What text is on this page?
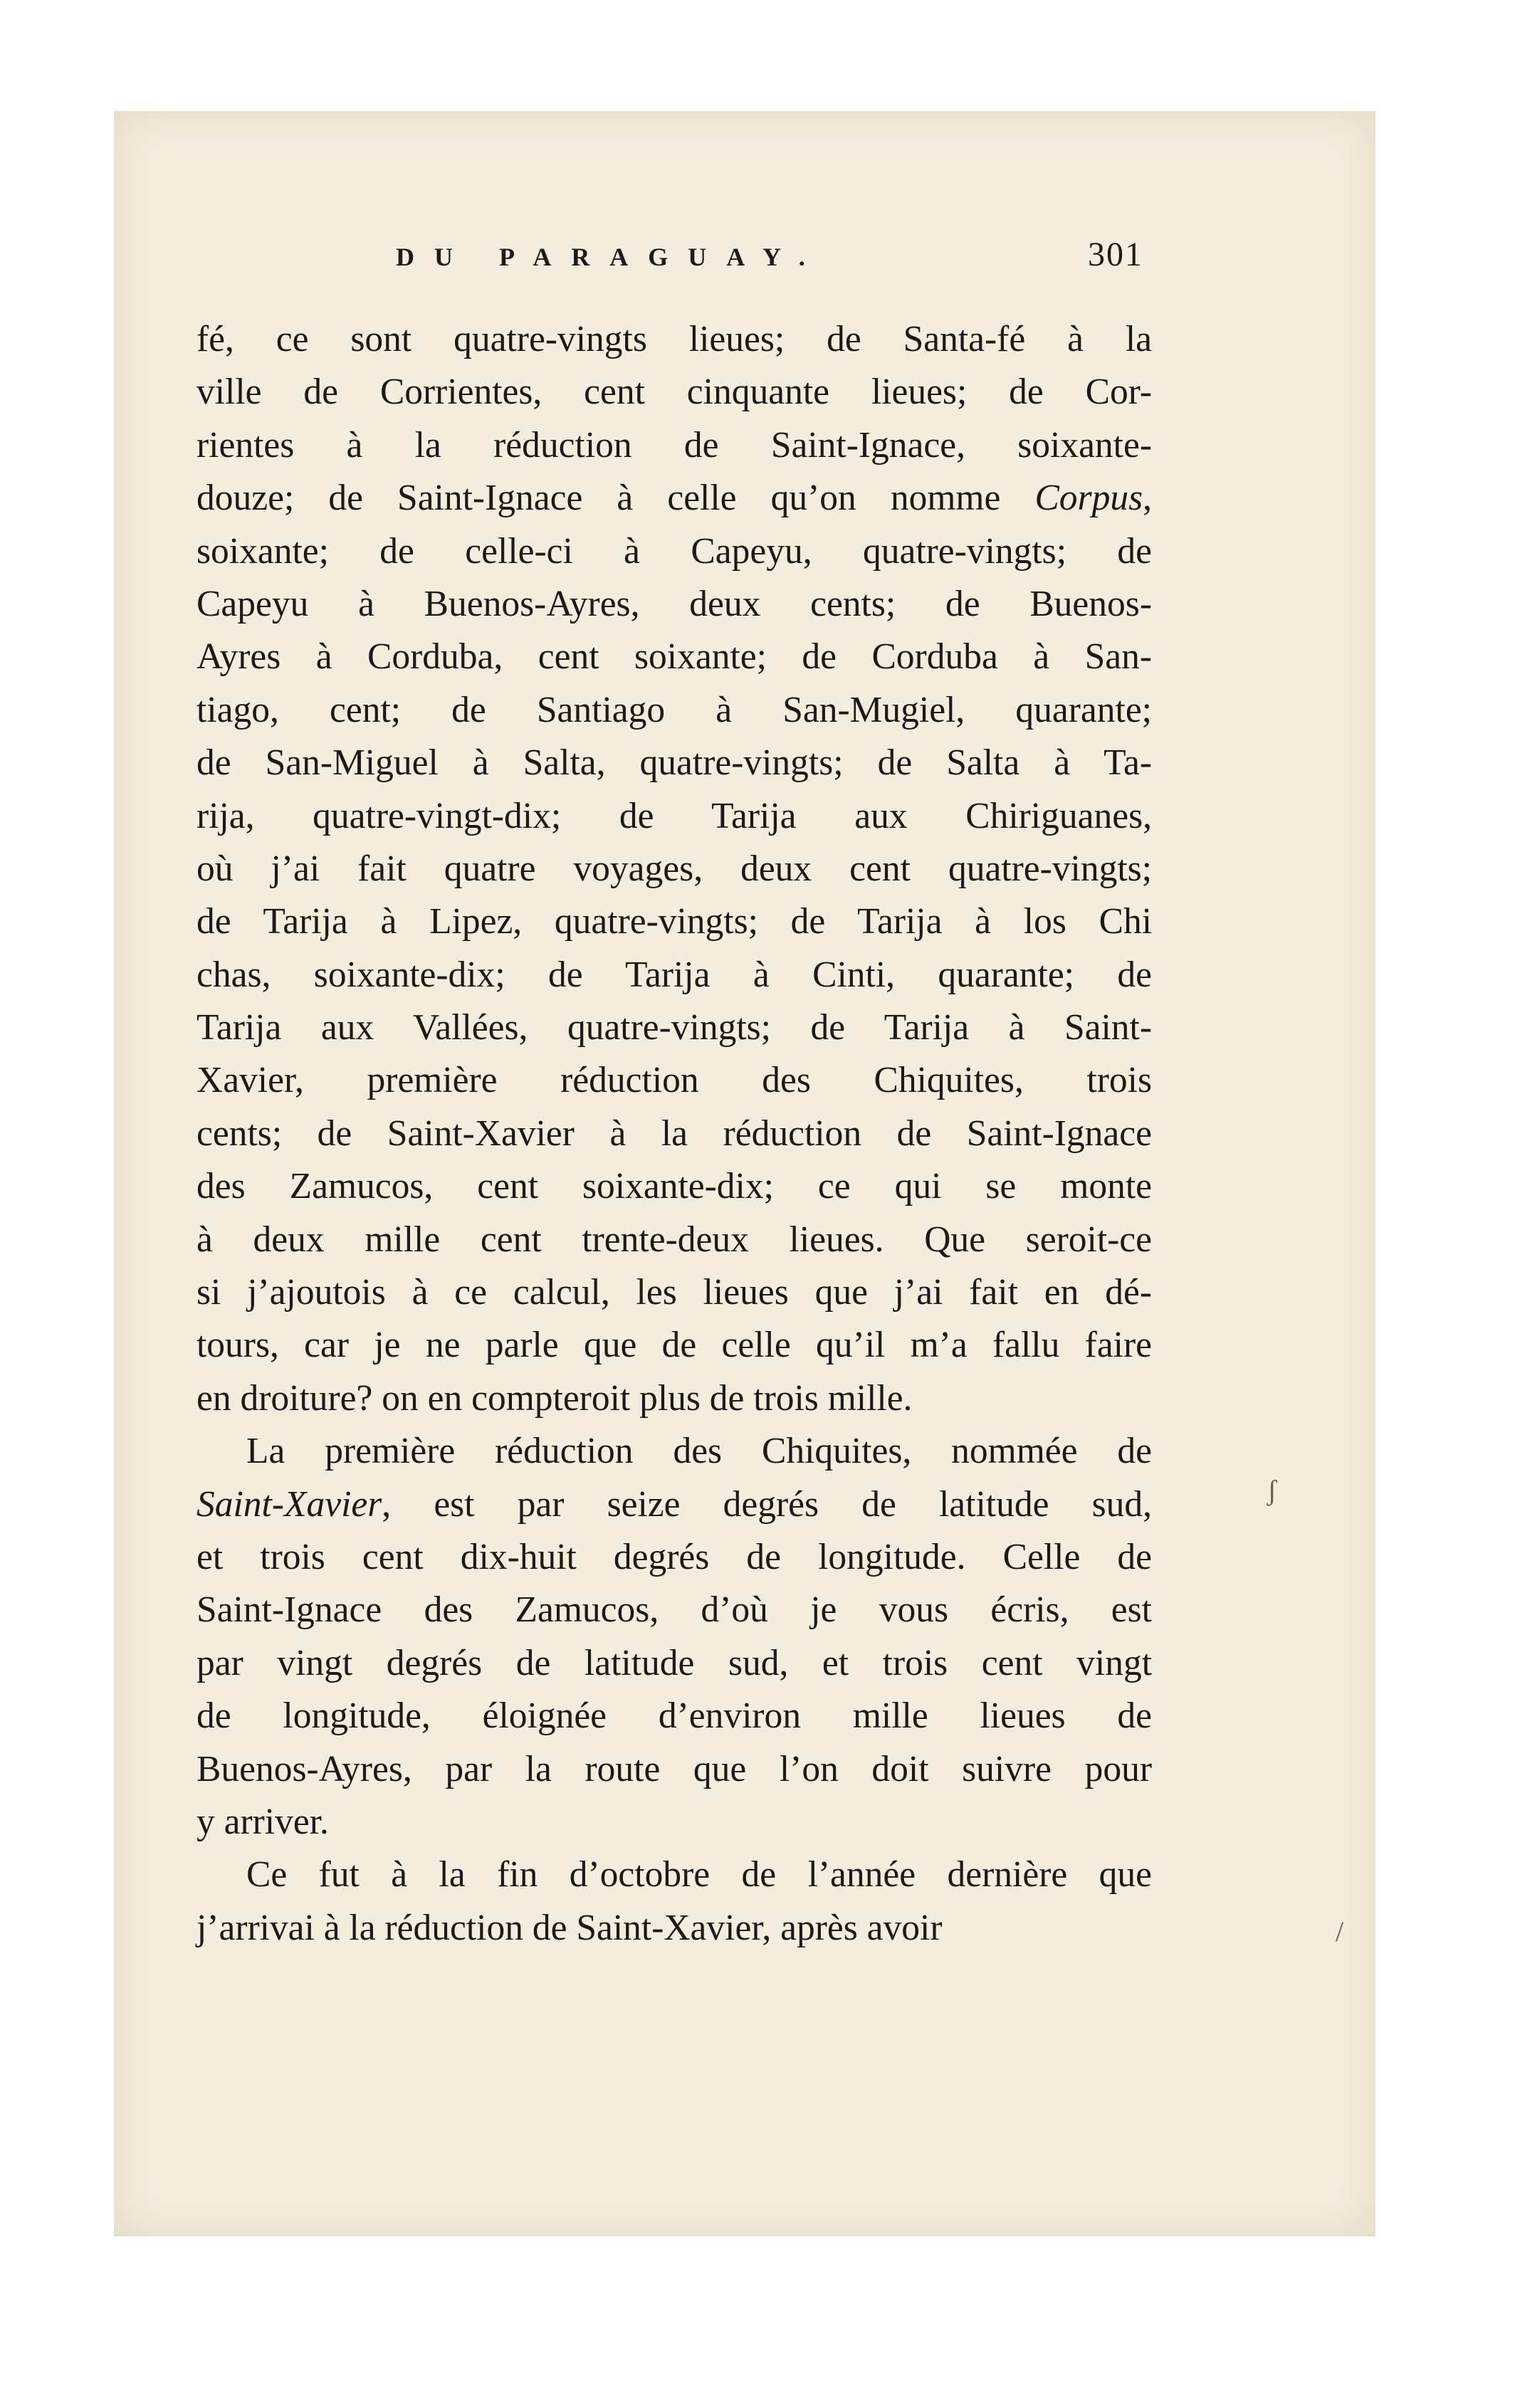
DU PARAGUAY.	301
fé, ce sont quatre-vingts lieues; de Santa-fé à la
ville de Corrientes, cent cinquante lieues; de Cor-
rientes à la réduction de Saint-Ignace, soixante-
douze; de Saint-Ignace à celle qu’on nomme Corpus,
soixante; de celle-ci à Capeyu, quatre-vingts; de
Capeyu à Buenos-Ayres, deux cents; de Buenos-
Ayres à Corduba, cent soixante; de Corduba à San-
tiago, cent; de Santiago à San-Mugiel, quarante;
de San-Miguel à Salta, quatre-vingts; de Salta à Ta-
rija, quatre-vingt-dix; de Tarija aux Chiriguanes,
où j’ai fait quatre voyages, deux cent quatre-vingts;
de Tarija à Lipez, quatre-vingts; de Tarija à los Chi
chas, soixante-dix; de Tarija à Cinti, quarante; de
Tarija aux Vallées, quatre-vingts; de Tarija à Saint-
Xavier, première réduction des Chiquites, trois
cents; de Saint-Xavier à la réduction de Saint-Ignace
des Zamucos, cent soixante-dix; ce qui se monte
à deux mille cent trente-deux lieues. Que seroit-ce
si j’ajoutois à ce calcul, les lieues que j’ai fait en dé-
tours, car je ne parle que de celle qu’il m’a fallu faire
en droiture? on en compteroit plus de trois mille.
La première réduction des Chiquites, nommée de
Saint-Xavier, est par seize degrés de latitude sud,
et trois cent dix-huit degrés de longitude. Celle de
Saint-Ignace des Zamucos, d’où je vous écris, est
par vingt degrés de latitude sud, et trois cent vingt
de longitude, éloignée d’environ mille lieues de
Buenos-Ayres, par la route que l’on doit suivre pour
y arriver.
Ce fut à la fin d’octobre de l’année dernière que
j’arrivai à la réduction de Saint-Xavier, après avoir
ʃ
/
